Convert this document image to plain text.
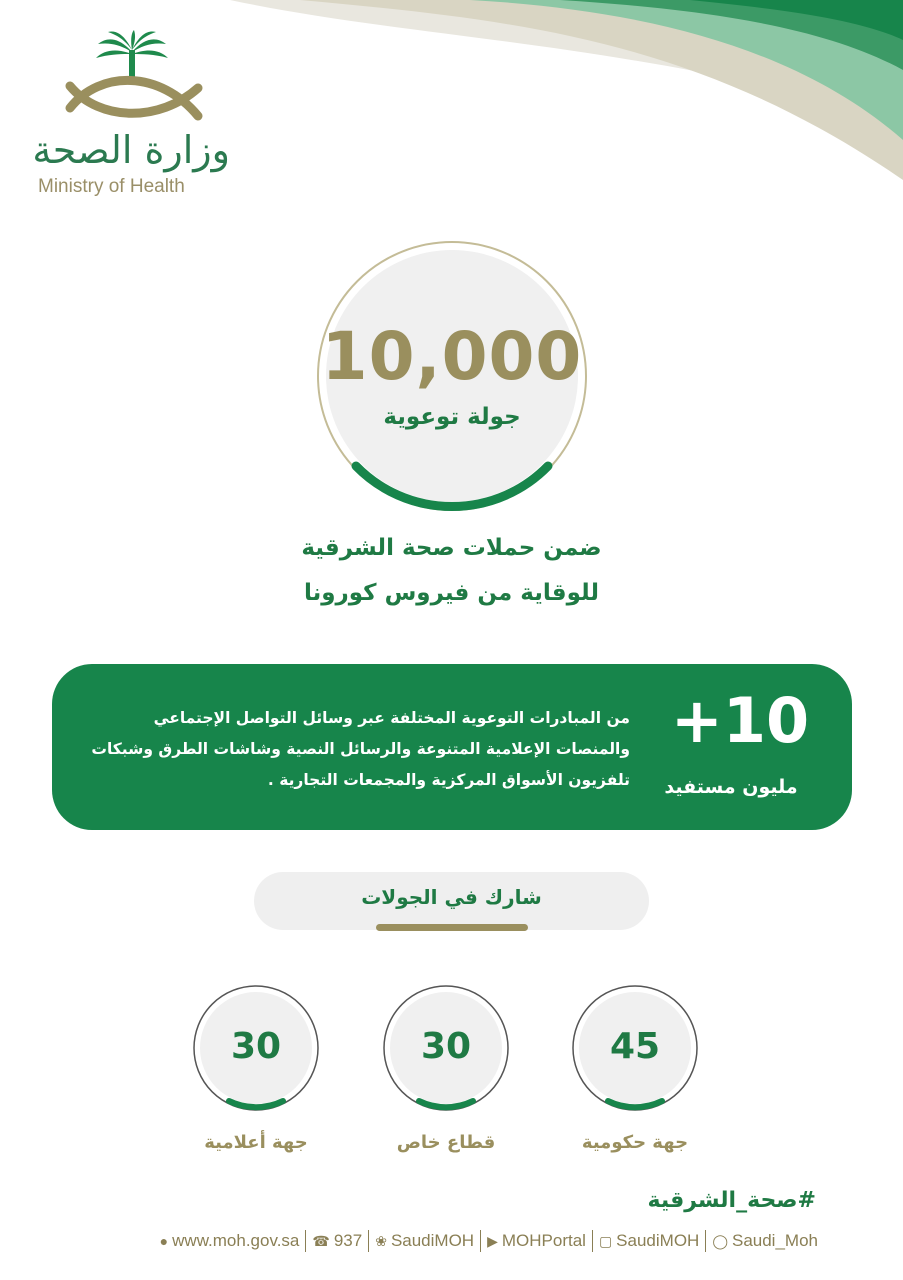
وزارة الصحة
Ministry of Health
10,000
جولة توعوية
ضمن حملات صحة الشرقية
للوقاية من فيروس كورونا
+10
مليون مستفيد
من المبادرات التوعوية المختلفة عبر وسائل التواصل الإجتماعي والمنصات الإعلامية المتنوعة والرسائل النصية وشاشات الطرق وشبكات تلفزيون الأسواق المركزية والمجمعات التجارية .
شارك في الجولات
45
جهة حكومية
30
قطاع خاص
30
جهة أعلامية
#صحة_الشرقية
● www.moh.gov.sa ☎ 937 ❀ SaudiMOH ▶ MOHPortal ▢ SaudiMOH ◯ Saudi_Moh
